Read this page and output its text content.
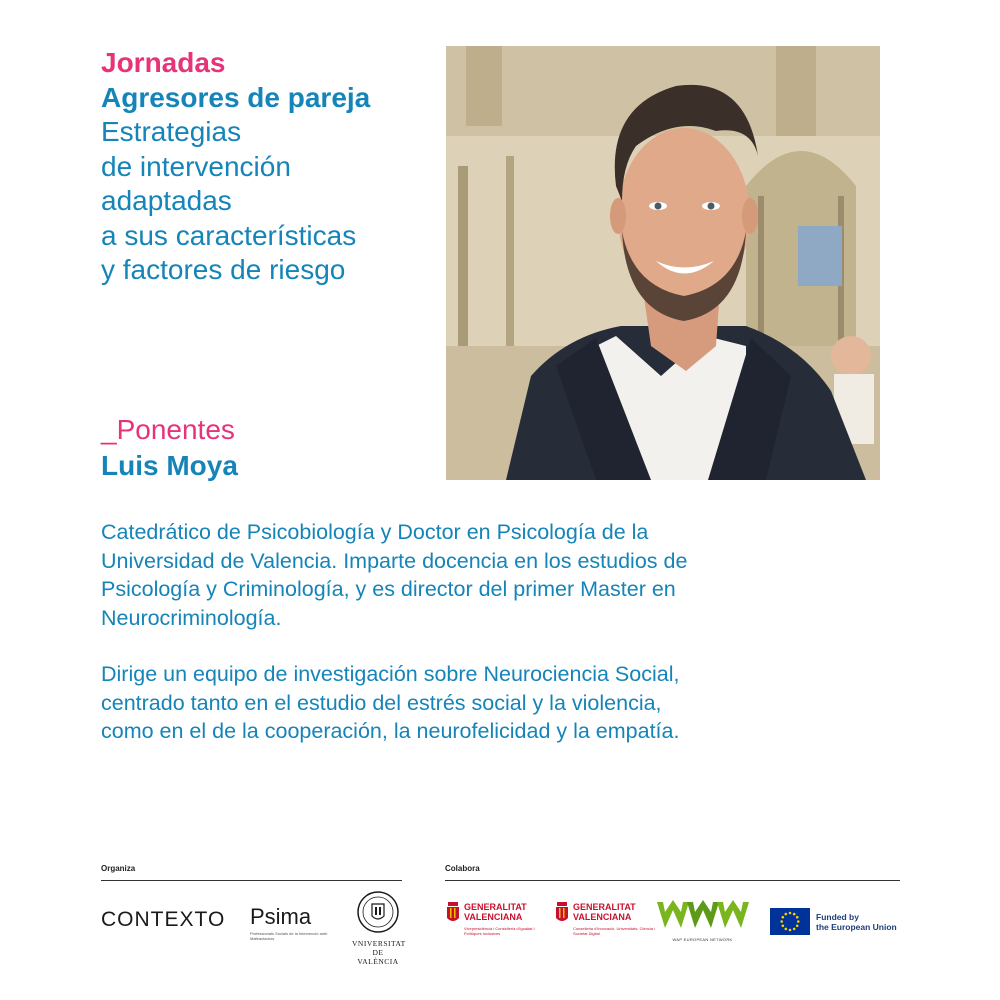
Jornadas
Agresores de pareja
Estrategias
de intervención
adaptadas
a sus características
y factores de riesgo
_Ponentes
Luis Moya

Catedrático de Psicobiología y Doctor en Psicología de la
Universidad de Valencia. Imparte docencia en los estudios de
Psicología y Criminología, y es director del primer Master en
Neurocriminología.

Dirige un equipo de investigación sobre Neurociencia Social,
centrado tanto en el estudio del estrés social y la violencia,
como en el de la cooperación, la neurofelicidad y la empatía.

Organiza	Colabora
CONTEXTO Psima
Professionals Socials de la Intervenció amb Maltractadors
VNIVERSITAT
DE VALÈNCIA
GENERALITAT
VALENCIANA
Vicepresidència i Conselleria d'Igualtat i Polítiques Inclusives
GENERALITAT
VALENCIANA
Conselleria d'Innovació, Universitats, Ciència i Societat Digital
WAP EUROPEAN NETWORK
Funded by
the European Union
